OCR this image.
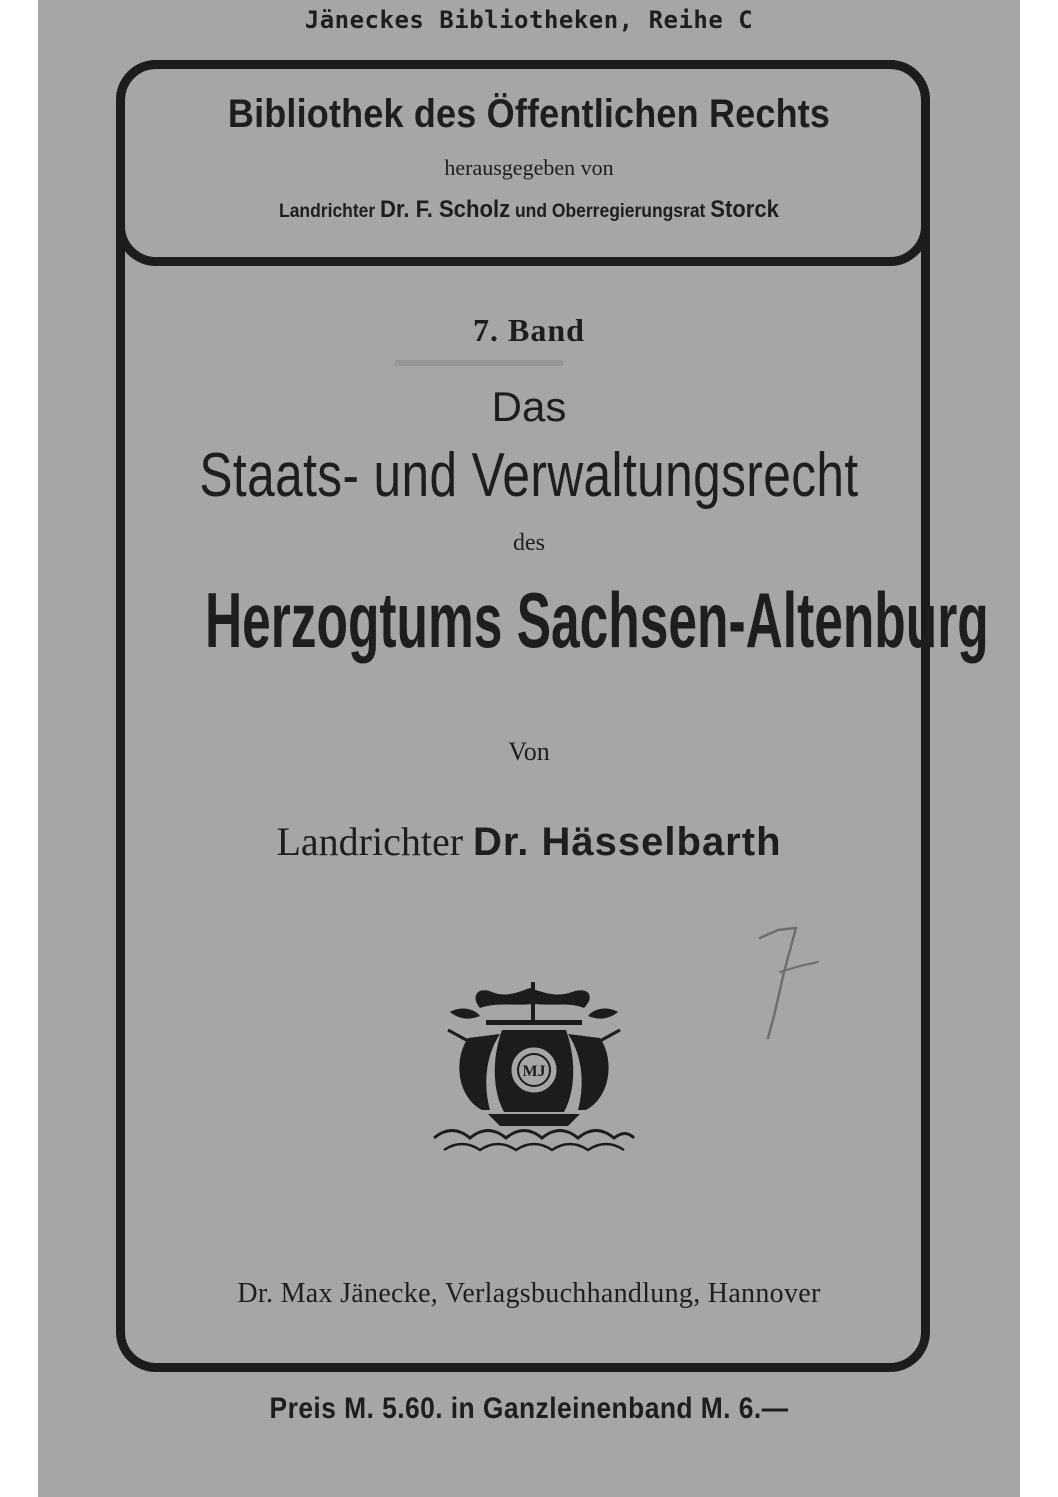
Jäneckes Bibliotheken, Reihe C
Bibliothek des Öffentlichen Rechts
herausgegeben von
Landrichter Dr. F. Scholz und Oberregierungsrat Storck
7. Band
Das
Staats- und Verwaltungsrecht
des
Herzogtums Sachsen-Altenburg
Von
Landrichter Dr. Hässelbarth
MJ
Dr. Max Jänecke, Verlagsbuchhandlung, Hannover
Preis M. 5.60. in Ganzleinenband M. 6.—
